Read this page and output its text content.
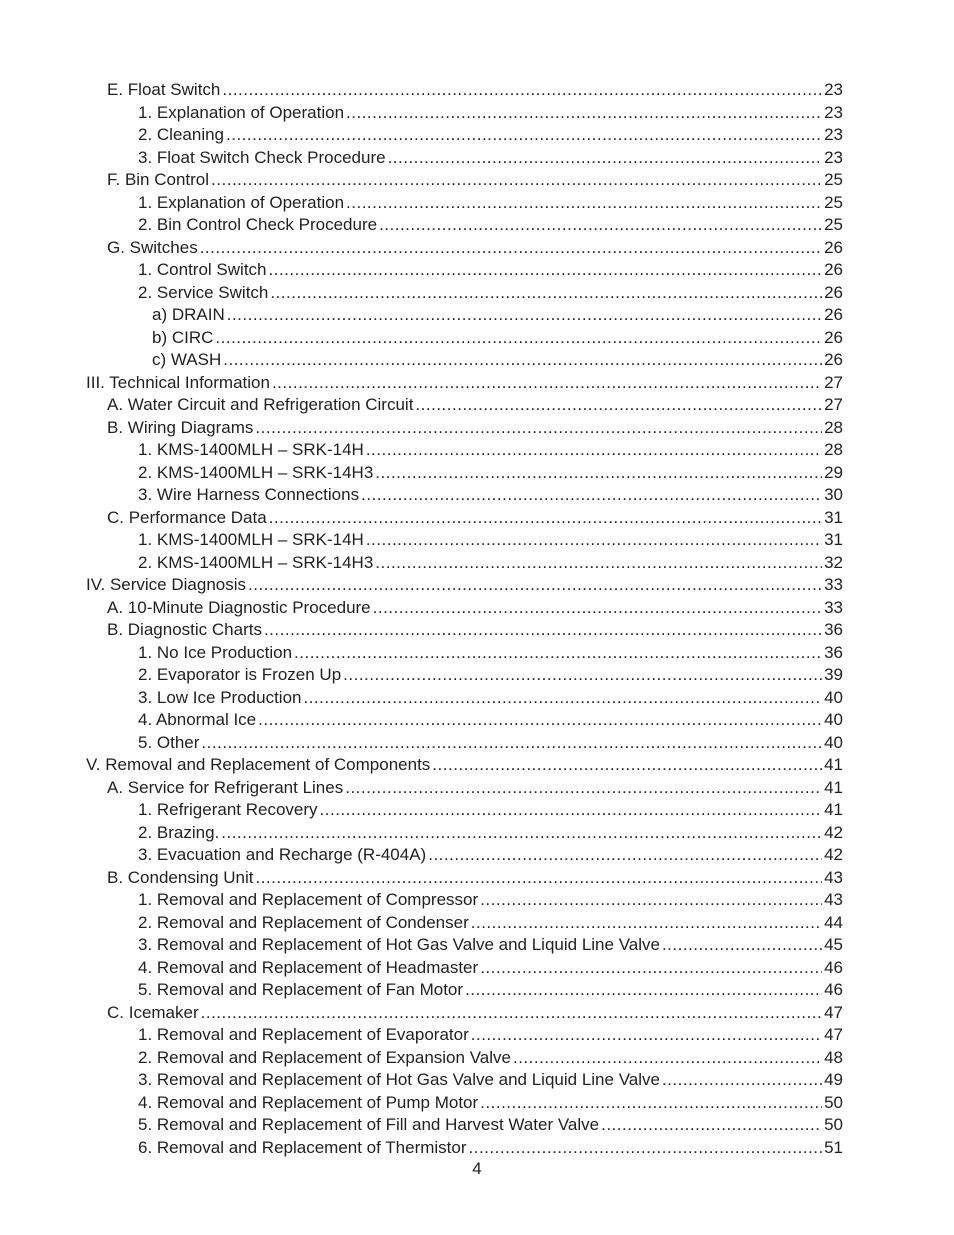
E. Float Switch .....	23
1. Explanation of Operation .....	23
2. Cleaning .....	23
3. Float Switch Check Procedure .....	23
F. Bin Control .....	25
1. Explanation of Operation .....	25
2. Bin Control Check Procedure .....	25
G. Switches .....	26
1. Control Switch .....	26
2. Service Switch .....	26
a) DRAIN .....	26
b) CIRC .....	26
c) WASH .....	26
III. Technical Information .....	27
A. Water Circuit and Refrigeration Circuit .....	27
B. Wiring Diagrams .....	28
1. KMS-1400MLH – SRK-14H .....	28
2. KMS-1400MLH – SRK-14H3 .....	29
3. Wire Harness Connections .....	30
C. Performance Data .....	31
1. KMS-1400MLH – SRK-14H .....	31
2. KMS-1400MLH – SRK-14H3 .....	32
IV. Service Diagnosis .....	33
A. 10-Minute Diagnostic Procedure .....	33
B. Diagnostic Charts .....	36
1. No Ice Production .....	36
2. Evaporator is Frozen Up .....	39
3. Low Ice Production .....	40
4. Abnormal Ice .....	40
5. Other .....	40
V. Removal and Replacement of Components .....	41
A. Service for Refrigerant Lines .....	41
1. Refrigerant Recovery .....	41
2. Brazing. .....	42
3. Evacuation and Recharge (R-404A) .....	42
B. Condensing Unit .....	43
1. Removal and Replacement of Compressor .....	43
2. Removal and Replacement of Condenser .....	44
3. Removal and Replacement of Hot Gas Valve and Liquid Line Valve .....	45
4. Removal and Replacement of Headmaster .....	46
5. Removal and Replacement of Fan Motor .....	46
C. Icemaker .....	47
1. Removal and Replacement of Evaporator .....	47
2. Removal and Replacement of Expansion Valve .....	48
3. Removal and Replacement of Hot Gas Valve and Liquid Line Valve .....	49
4. Removal and Replacement of Pump Motor .....	50
5. Removal and Replacement of Fill and Harvest Water Valve .....	50
6. Removal and Replacement of Thermistor .....	51
4
